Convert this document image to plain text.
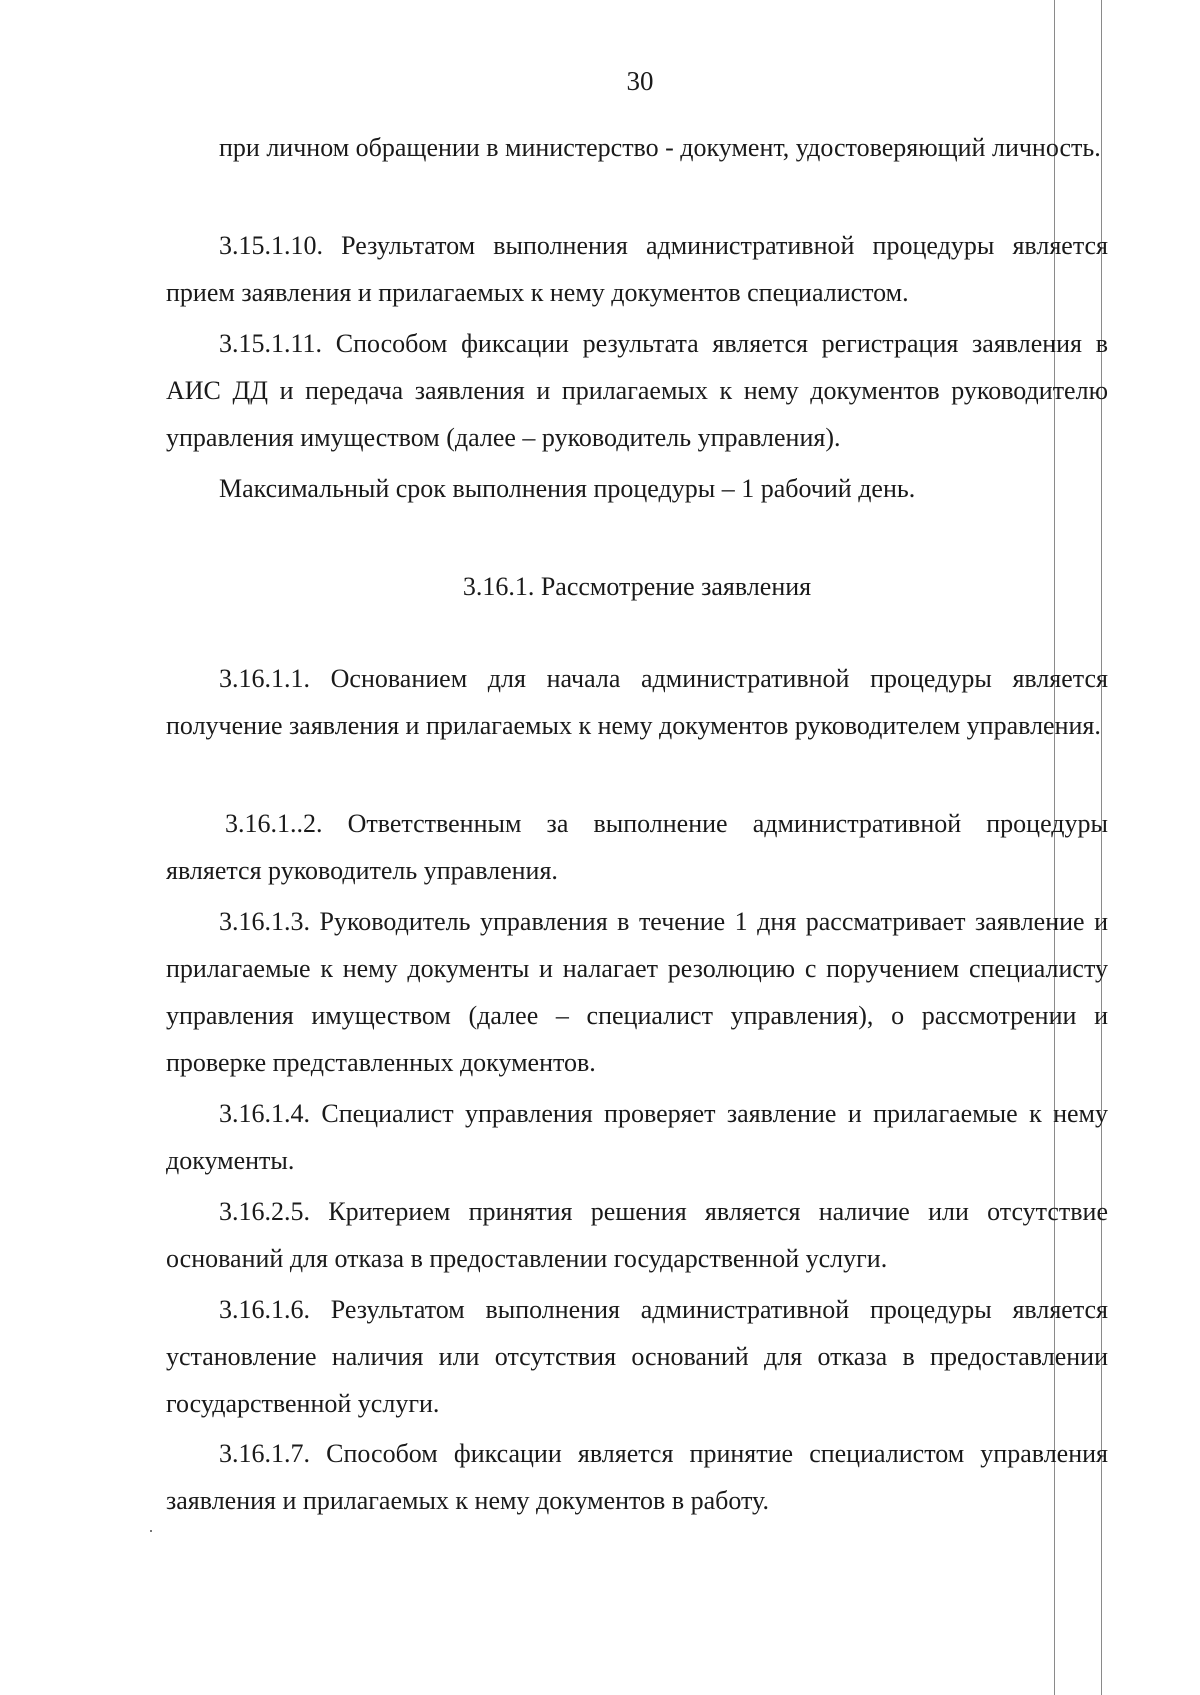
30

при личном обращении в министерство - документ, удостоверяющий личность.

3.15.1.10. Результатом выполнения административной процедуры является прием заявления и прилагаемых к нему документов специалистом.

3.15.1.11. Способом фиксации результата является регистрация заявления в АИС ДД и передача заявления и прилагаемых к нему документов руководителю управления имуществом (далее – руководитель управления).

Максимальный срок выполнения процедуры – 1 рабочий день.

3.16.1. Рассмотрение заявления

3.16.1.1. Основанием для начала административной процедуры является получение заявления и прилагаемых к нему документов руководителем управления.

3.16.1..2. Ответственным за выполнение административной процедуры является руководитель управления.

3.16.1.3. Руководитель управления в течение 1 дня рассматривает заявление и прилагаемые к нему документы и налагает резолюцию с поручением специалисту управления имуществом (далее – специалист управления), о рассмотрении и проверке представленных документов.

3.16.1.4. Специалист управления проверяет заявление и прилагаемые к нему документы.

3.16.2.5. Критерием принятия решения является наличие или отсутствие оснований для отказа в предоставлении государственной услуги.

3.16.1.6. Результатом выполнения административной процедуры является установление наличия или отсутствия оснований для отказа в предоставлении государственной услуги.

3.16.1.7. Способом фиксации является принятие специалистом управления заявления и прилагаемых к нему документов в работу.
